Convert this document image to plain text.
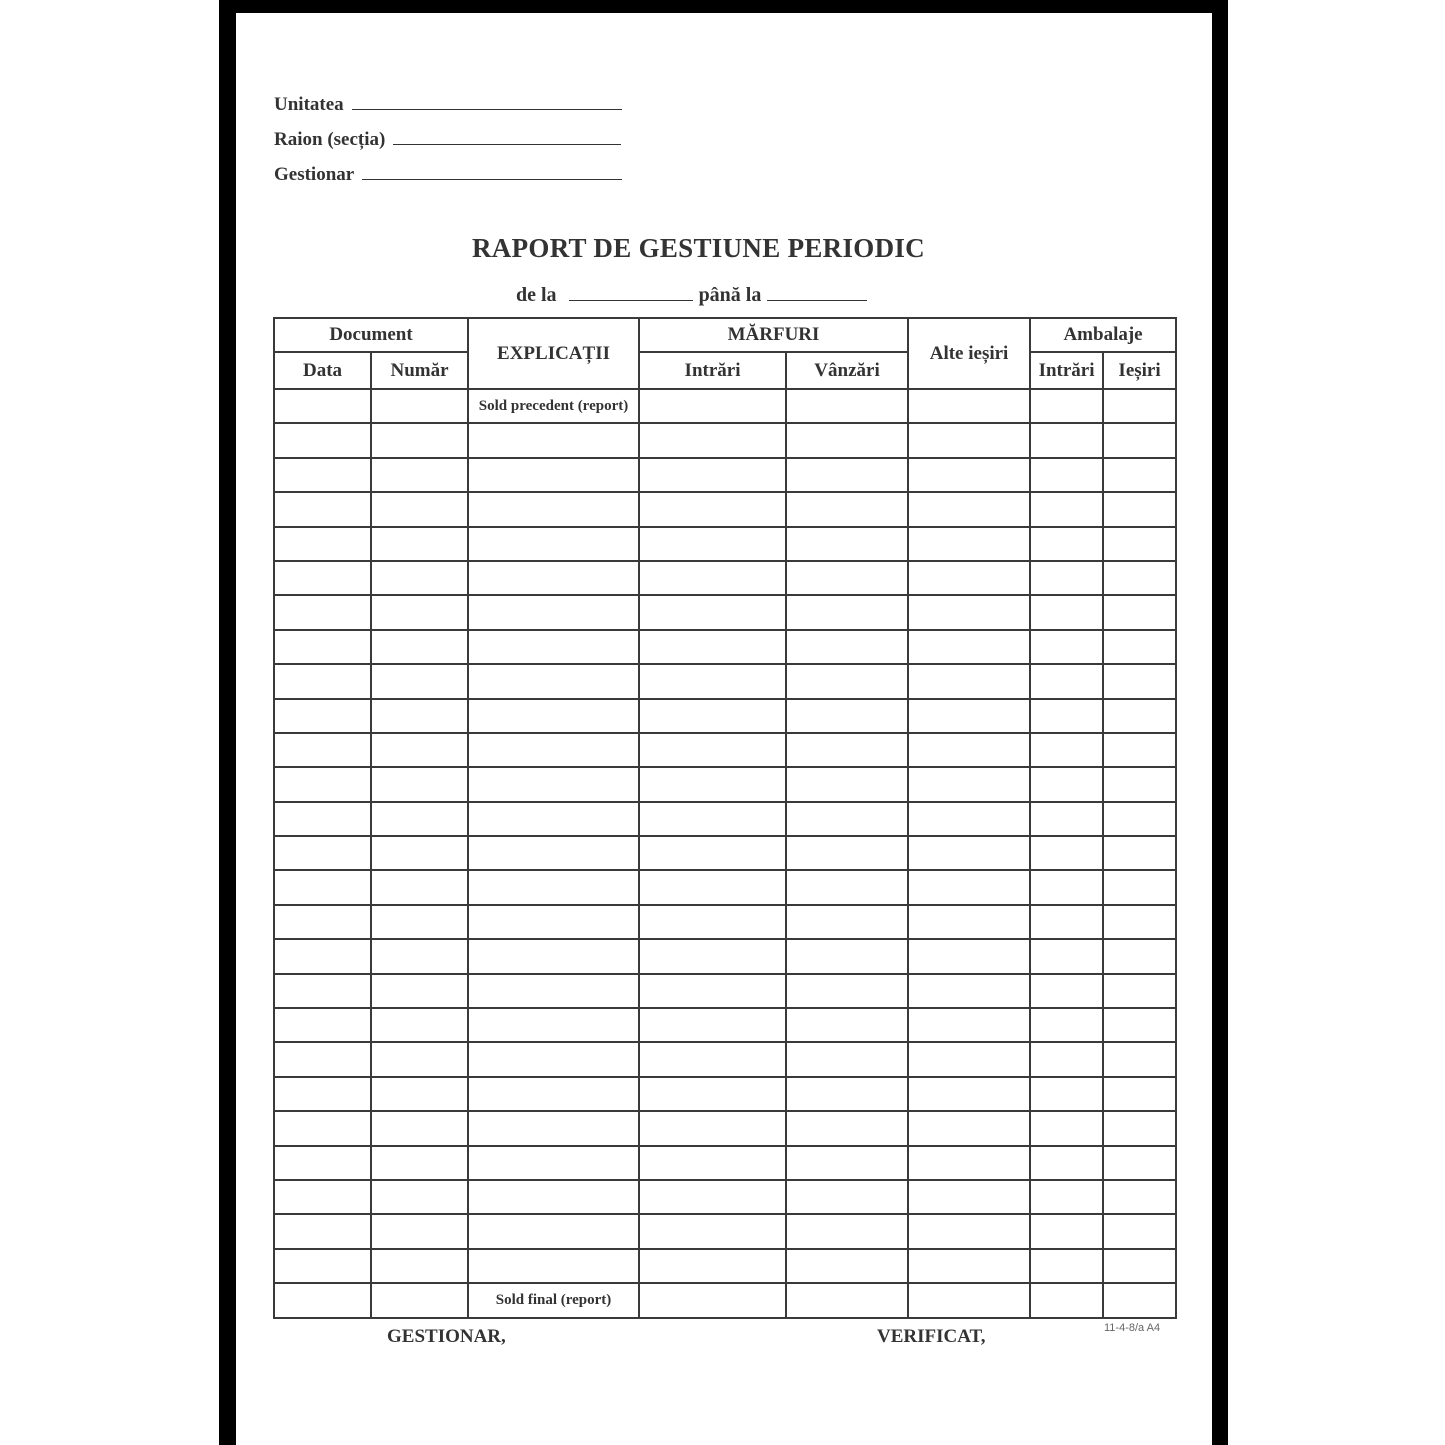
Unitatea
Raion (secția)
Gestionar
RAPORT DE GESTIUNE PERIODIC
de la	până la
Document		EXPLICAȚII	MĂRFURI		Alte ieșiri	Ambalaje	
Data	Număr		Intrări	Vânzări		Intrări	Ieșiri
		Sold precedent (report)					

		Sold final (report)					
GESTIONAR,	VERIFICAT,	11-4-8/a A4
